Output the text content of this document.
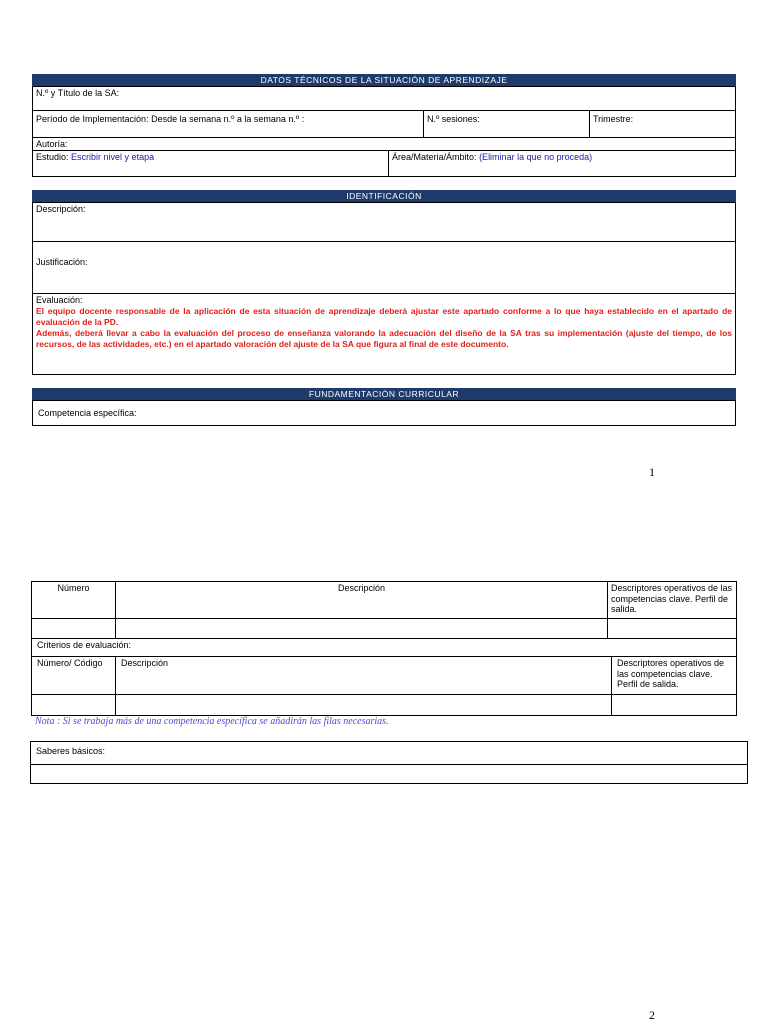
DATOS TÉCNICOS DE LA SITUACIÓN DE APRENDIZAJE
N.º y Título de la SA:
Período de Implementación: Desde la semana n.º a la semana n.º :	N.º sesiones:	Trimestre:
Autoría:
Estudio: Escribir nivel y etapa	Área/Materia/Ámbito: (Eliminar la que no proceda)
IDENTIFICACIÓN
Descripción:
Justificación:
Evaluación:
El equipo docente responsable de la aplicación de esta situación de aprendizaje deberá ajustar este apartado conforme a lo que haya establecido en el apartado de evaluación de la PD.
Además, deberá llevar a cabo la evaluación del proceso de enseñanza valorando la adecuación del diseño de la SA tras su implementación (ajuste del tiempo, de los recursos, de las actividades, etc.) en el apartado valoración del ajuste de la SA que figura al final de este documento.
FUNDAMENTACIÓN CURRICULAR
Competencia específica:
1
Número	Descripción	Descriptores operativos de las competencias clave. Perfil de salida.
Criterios de evaluación:
Número/ Código	Descripción	Descriptores operativos de las competencias clave. Perfil de salida.
Nota : Si se trabaja más de una competencia específica se añadirán las filas necesarias.
Saberes básicos:
2
